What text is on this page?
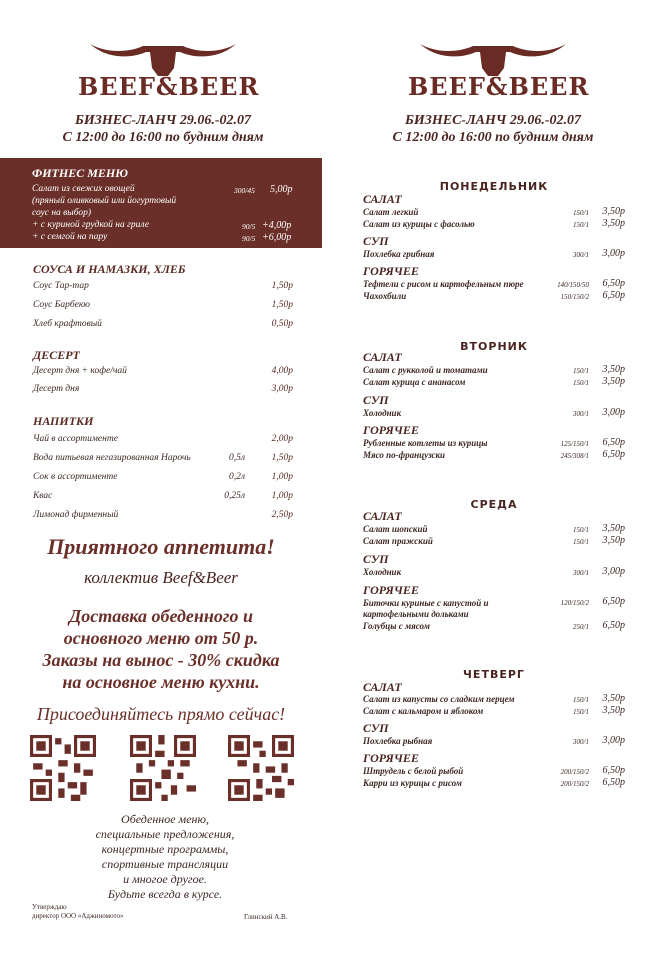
BEEF&BEER
БИЗНЕС-ЛАНЧ 29.06.-02.07
С 12:00 до 16:00 по будним дням
ФИТНЕС МЕНЮ
Салат из свежих овощей
(пряный оливковый или йогуртовый
соус на выбор)
300/45 5,00р
+ с куриной грудкой на гриле	90/5 +4,00р
+ с семгой на пару	90/5 +6,00р
СОУСА И НАМАЗКИ, ХЛЕБ
Соус Тар-тар	1,50р
Соус Барбекю	1,50р
Хлеб крафтовый	0,50р
ДЕСЕРТ
Десерт дня + кофе/чай	4,00р
Десерт дня	3,00р
НАПИТКИ
Чай в ассортименте	2,00р
Вода питьевая негазированная Нарочь	0,5л	1,50р
Сок в ассортименте	0,2л	1,00р
Квас	0,25л	1,00р
Лимонад фирменный	2,50р
Приятного аппетита!
коллектив Beef&Beer
Доставка обеденного и
основного меню от 50 р.
Заказы на вынос - 30% скидка
на основное меню кухни.
Присоединяйтесь прямо сейчас!
Обеденное меню,
специальные предложения,
концертные программы,
спортивные трансляции
и многое другое.
Будьте всегда в курсе.
Утверждаю
директор ООО «Аджиномото»	Глинский А.В.
BEEF&BEER
БИЗНЕС-ЛАНЧ 29.06.-02.07
С 12:00 до 16:00 по будним дням
ПОНЕДЕЛЬНИК
САЛАТ
Салат легкий	150/1	3,50р
Салат из курицы с фасолью	150/1	3,50р
СУП
Похлебка грибная	300/1	3,00р
ГОРЯЧЕЕ
Тефтели с рисом и картофельным пюре	140/150/50	6,50р
Чахохбили	150/150/2	6,50р
ВТОРНИК
САЛАТ
Салат с рукколой и томатами	150/1	3,50р
Салат курица с ананасом	150/1	3,50р
СУП
Холодник	300/1	3,00р
ГОРЯЧЕЕ
Рубленные котлеты из курицы	125/150/1	6,50р
Мясо по-французски	245/308/1	6,50р
СРЕДА
САЛАТ
Салат шопский	150/1	3,50р
Салат пражский	150/1	3,50р
СУП
Холодник	300/1	3,00р
ГОРЯЧЕЕ
Биточки куриные с капустой и
картофельными дольками
120/150/2	6,50р
Голубцы с мясом	250/1	6,50р
ЧЕТВЕРГ
САЛАТ
Салат из капусты со сладким перцем	150/1	3,50р
Салат с кальмаром и яблоком	150/1	3,50р
СУП
Похлебка рыбная	300/1	3,00р
ГОРЯЧЕЕ
Штрудель с белой рыбой	200/150/2	6,50р
Карри из курицы с рисом	200/150/2	6,50р
